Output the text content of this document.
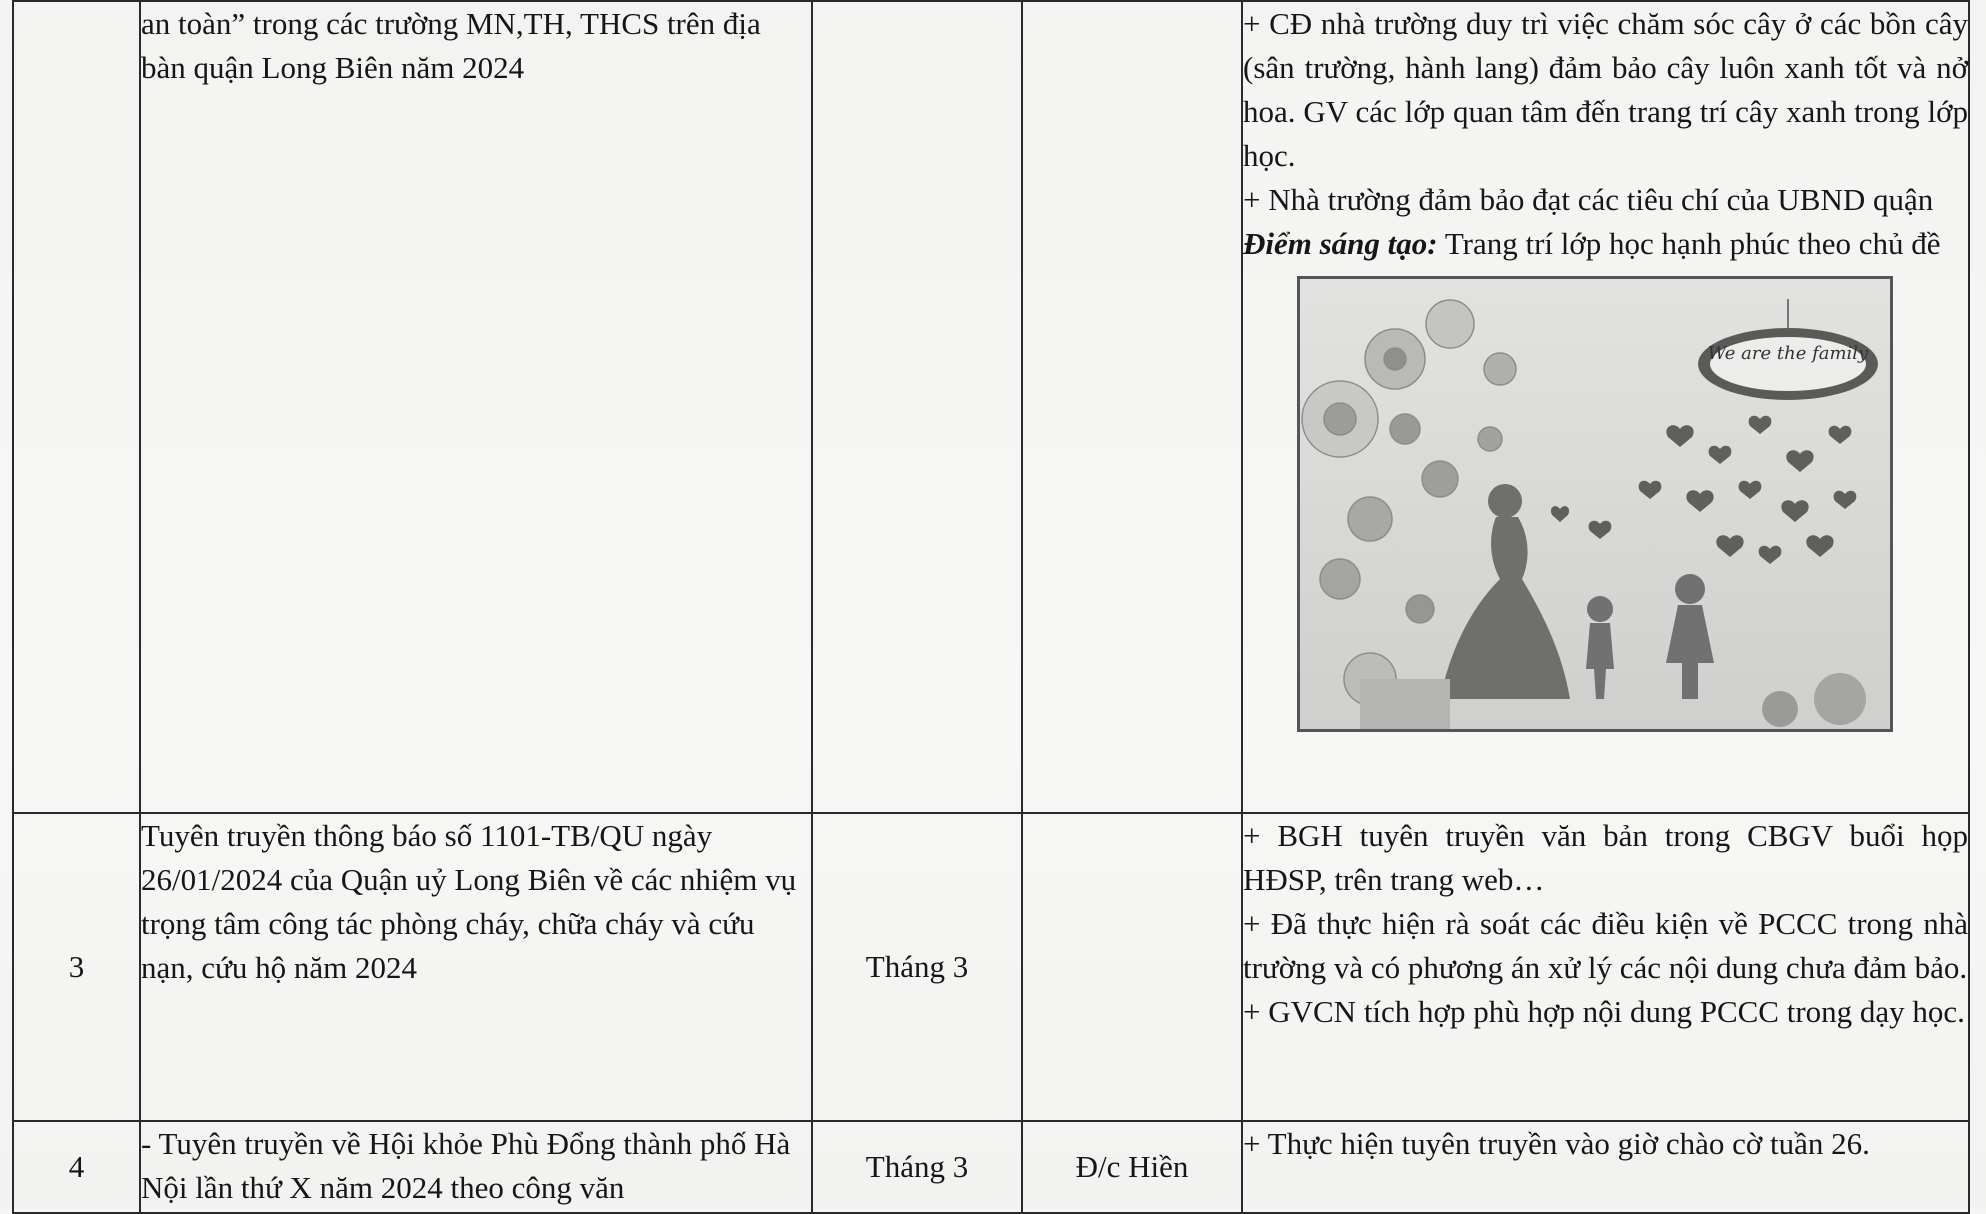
	an toàn” trong các trường MN,TH, THCS trên địa bàn quận Long Biên năm 2024			+ CĐ nhà trường duy trì việc chăm sóc cây ở các bồn cây (sân trường, hành lang) đảm bảo cây luôn xanh tốt và nở hoa. GV các lớp quan tâm đến trang trí cây xanh trong lớp học.

+ Nhà trường đảm bảo đạt các tiêu chí của UBND quận

Điểm sáng tạo: Trang trí lớp học hạnh phúc theo chủ đề

We are the family

3	Tuyên truyền thông báo số 1101-TB/QU ngày 26/01/2024 của Quận uỷ Long Biên về các nhiệm vụ trọng tâm công tác phòng cháy, chữa cháy và cứu nạn, cứu hộ năm 2024	Tháng 3		+ BGH tuyên truyền văn bản trong CBGV buổi họp HĐSP, trên trang web…

+ Đã thực hiện rà soát các điều kiện về PCCC trong nhà trường và có phương án xử lý các nội dung chưa đảm bảo.

+ GVCN tích hợp phù hợp nội dung PCCC trong dạy học.

4	- Tuyên truyền về Hội khỏe Phù Đổng thành phố Hà Nội lần thứ X năm 2024 theo công văn	Tháng 3	Đ/c Hiền	+ Thực hiện tuyên truyền vào giờ chào cờ tuần 26.
